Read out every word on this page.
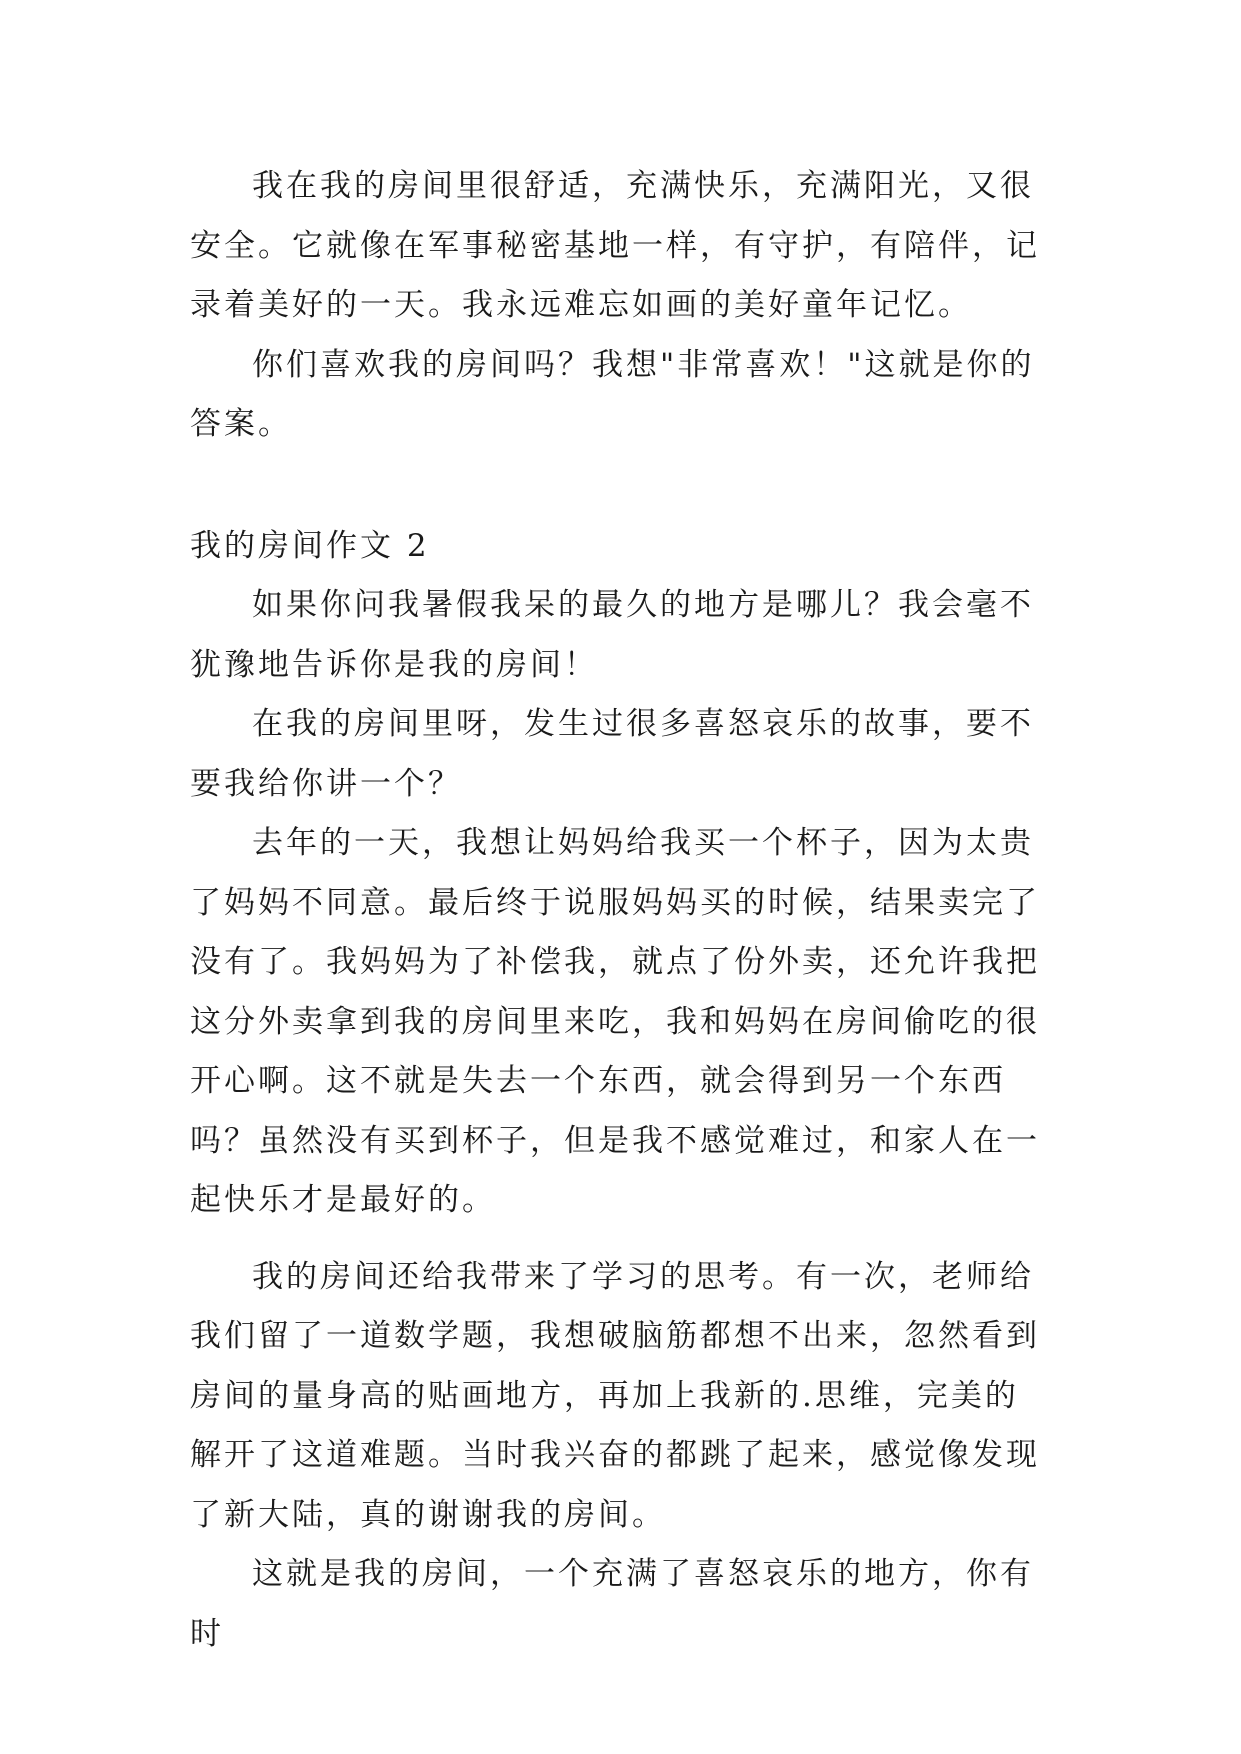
我在我的房间里很舒适，充满快乐，充满阳光，又很安全。它就像在军事秘密基地一样，有守护，有陪伴，记录着美好的一天。我永远难忘如画的美好童年记忆。

你们喜欢我的房间吗？我想"非常喜欢！"这就是你的答案。

我的房间作文 2

如果你问我暑假我呆的最久的地方是哪儿？我会毫不犹豫地告诉你是我的房间！

在我的房间里呀，发生过很多喜怒哀乐的故事，要不要我给你讲一个？

去年的一天，我想让妈妈给我买一个杯子，因为太贵了妈妈不同意。最后终于说服妈妈买的时候，结果卖完了没有了。我妈妈为了补偿我，就点了份外卖，还允许我把这分外卖拿到我的房间里来吃，我和妈妈在房间偷吃的很开心啊。这不就是失去一个东西，就会得到另一个东西吗？虽然没有买到杯子，但是我不感觉难过，和家人在一起快乐才是最好的。

我的房间还给我带来了学习的思考。有一次，老师给我们留了一道数学题，我想破脑筋都想不出来，忽然看到房间的量身高的贴画地方，再加上我新的.思维，完美的解开了这道难题。当时我兴奋的都跳了起来，感觉像发现了新大陆，真的谢谢我的房间。

这就是我的房间，一个充满了喜怒哀乐的地方，你有时
